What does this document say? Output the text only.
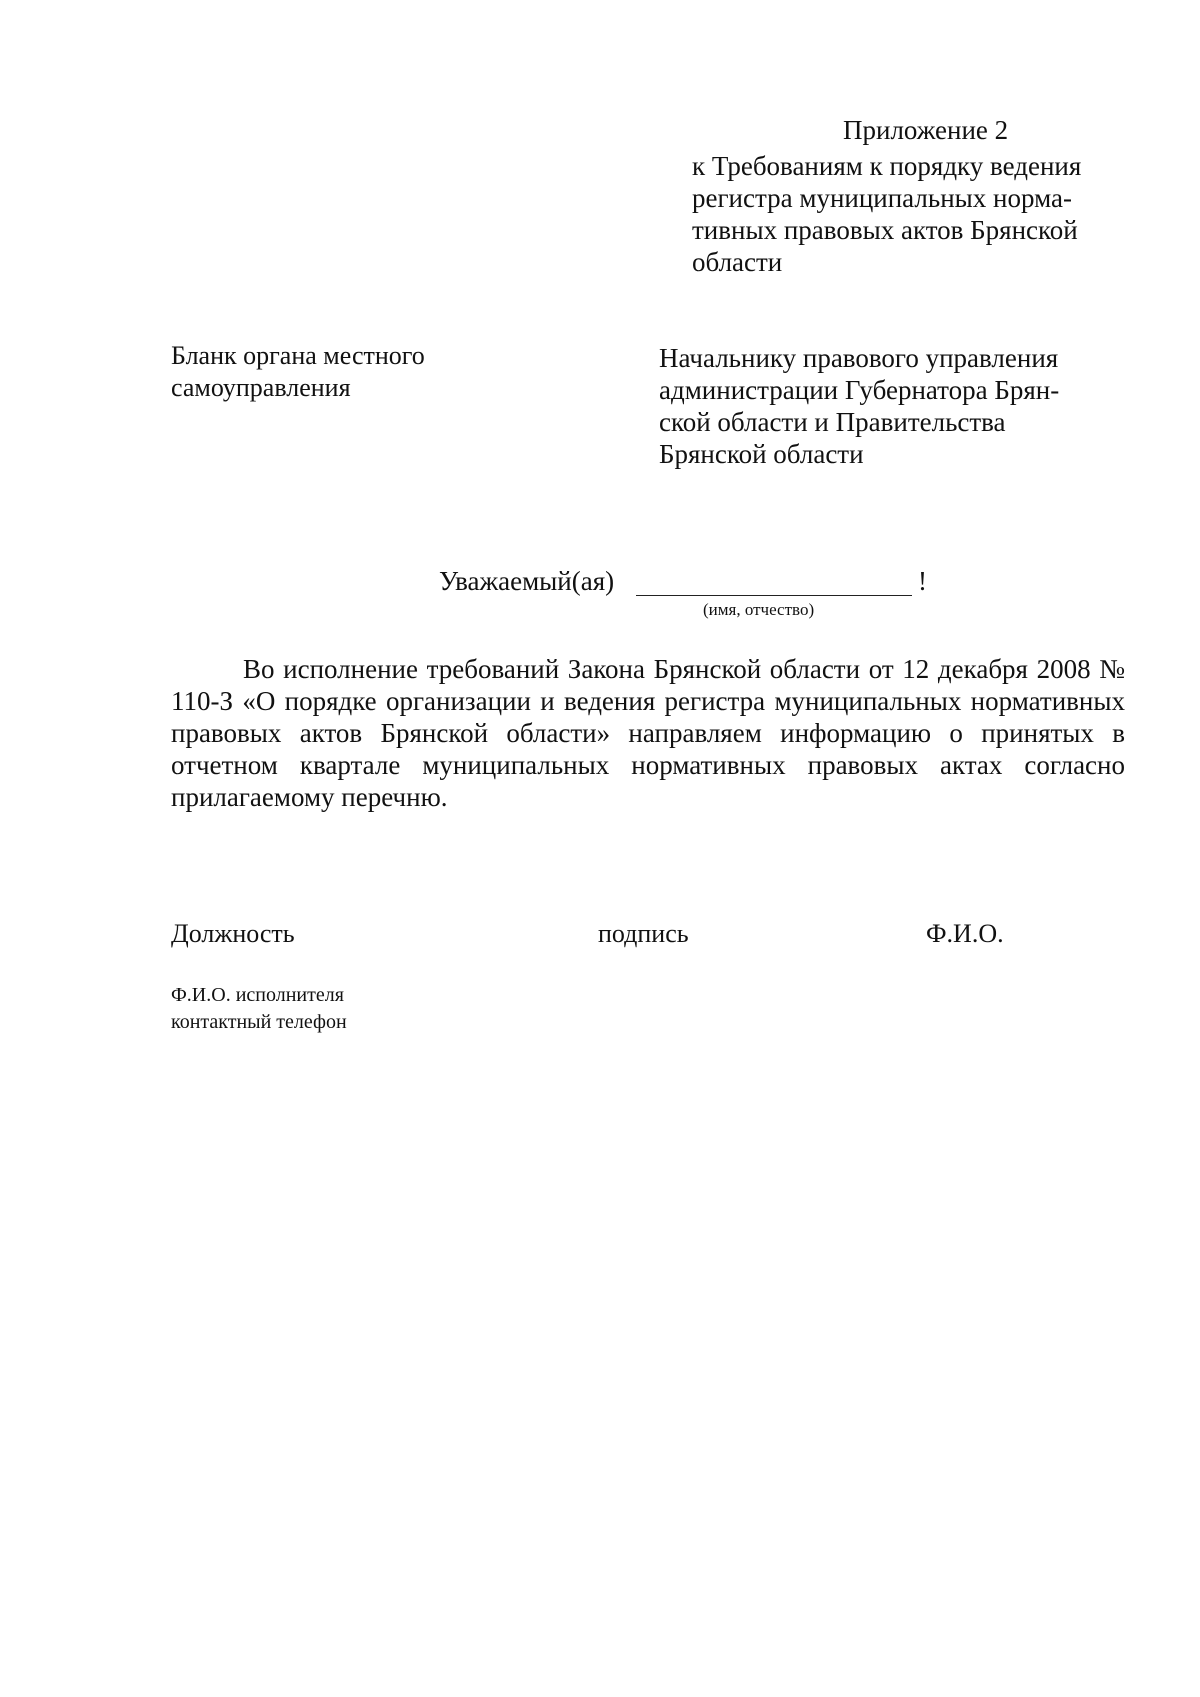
Приложение 2
к Требованиям к порядку ведения
регистра муниципальных норма-
тивных правовых актов Брянской
области
Бланк органа местного
самоуправления
Начальнику правового управления
администрации Губернатора Брян-
ской области и Правительства
Брянской области
Уважаемый(ая)	!
(имя, отчество)
Во исполнение требований Закона Брянской области от 12 декабря 2008 № 110-З «О порядке организации и ведения регистра муниципальных нормативных правовых актов Брянской области» направляем информацию о принятых в отчетном квартале муниципальных нормативных правовых актах согласно прилагаемому перечню.
Должность	подпись	Ф.И.О.
Ф.И.О. исполнителя
контактный телефон
